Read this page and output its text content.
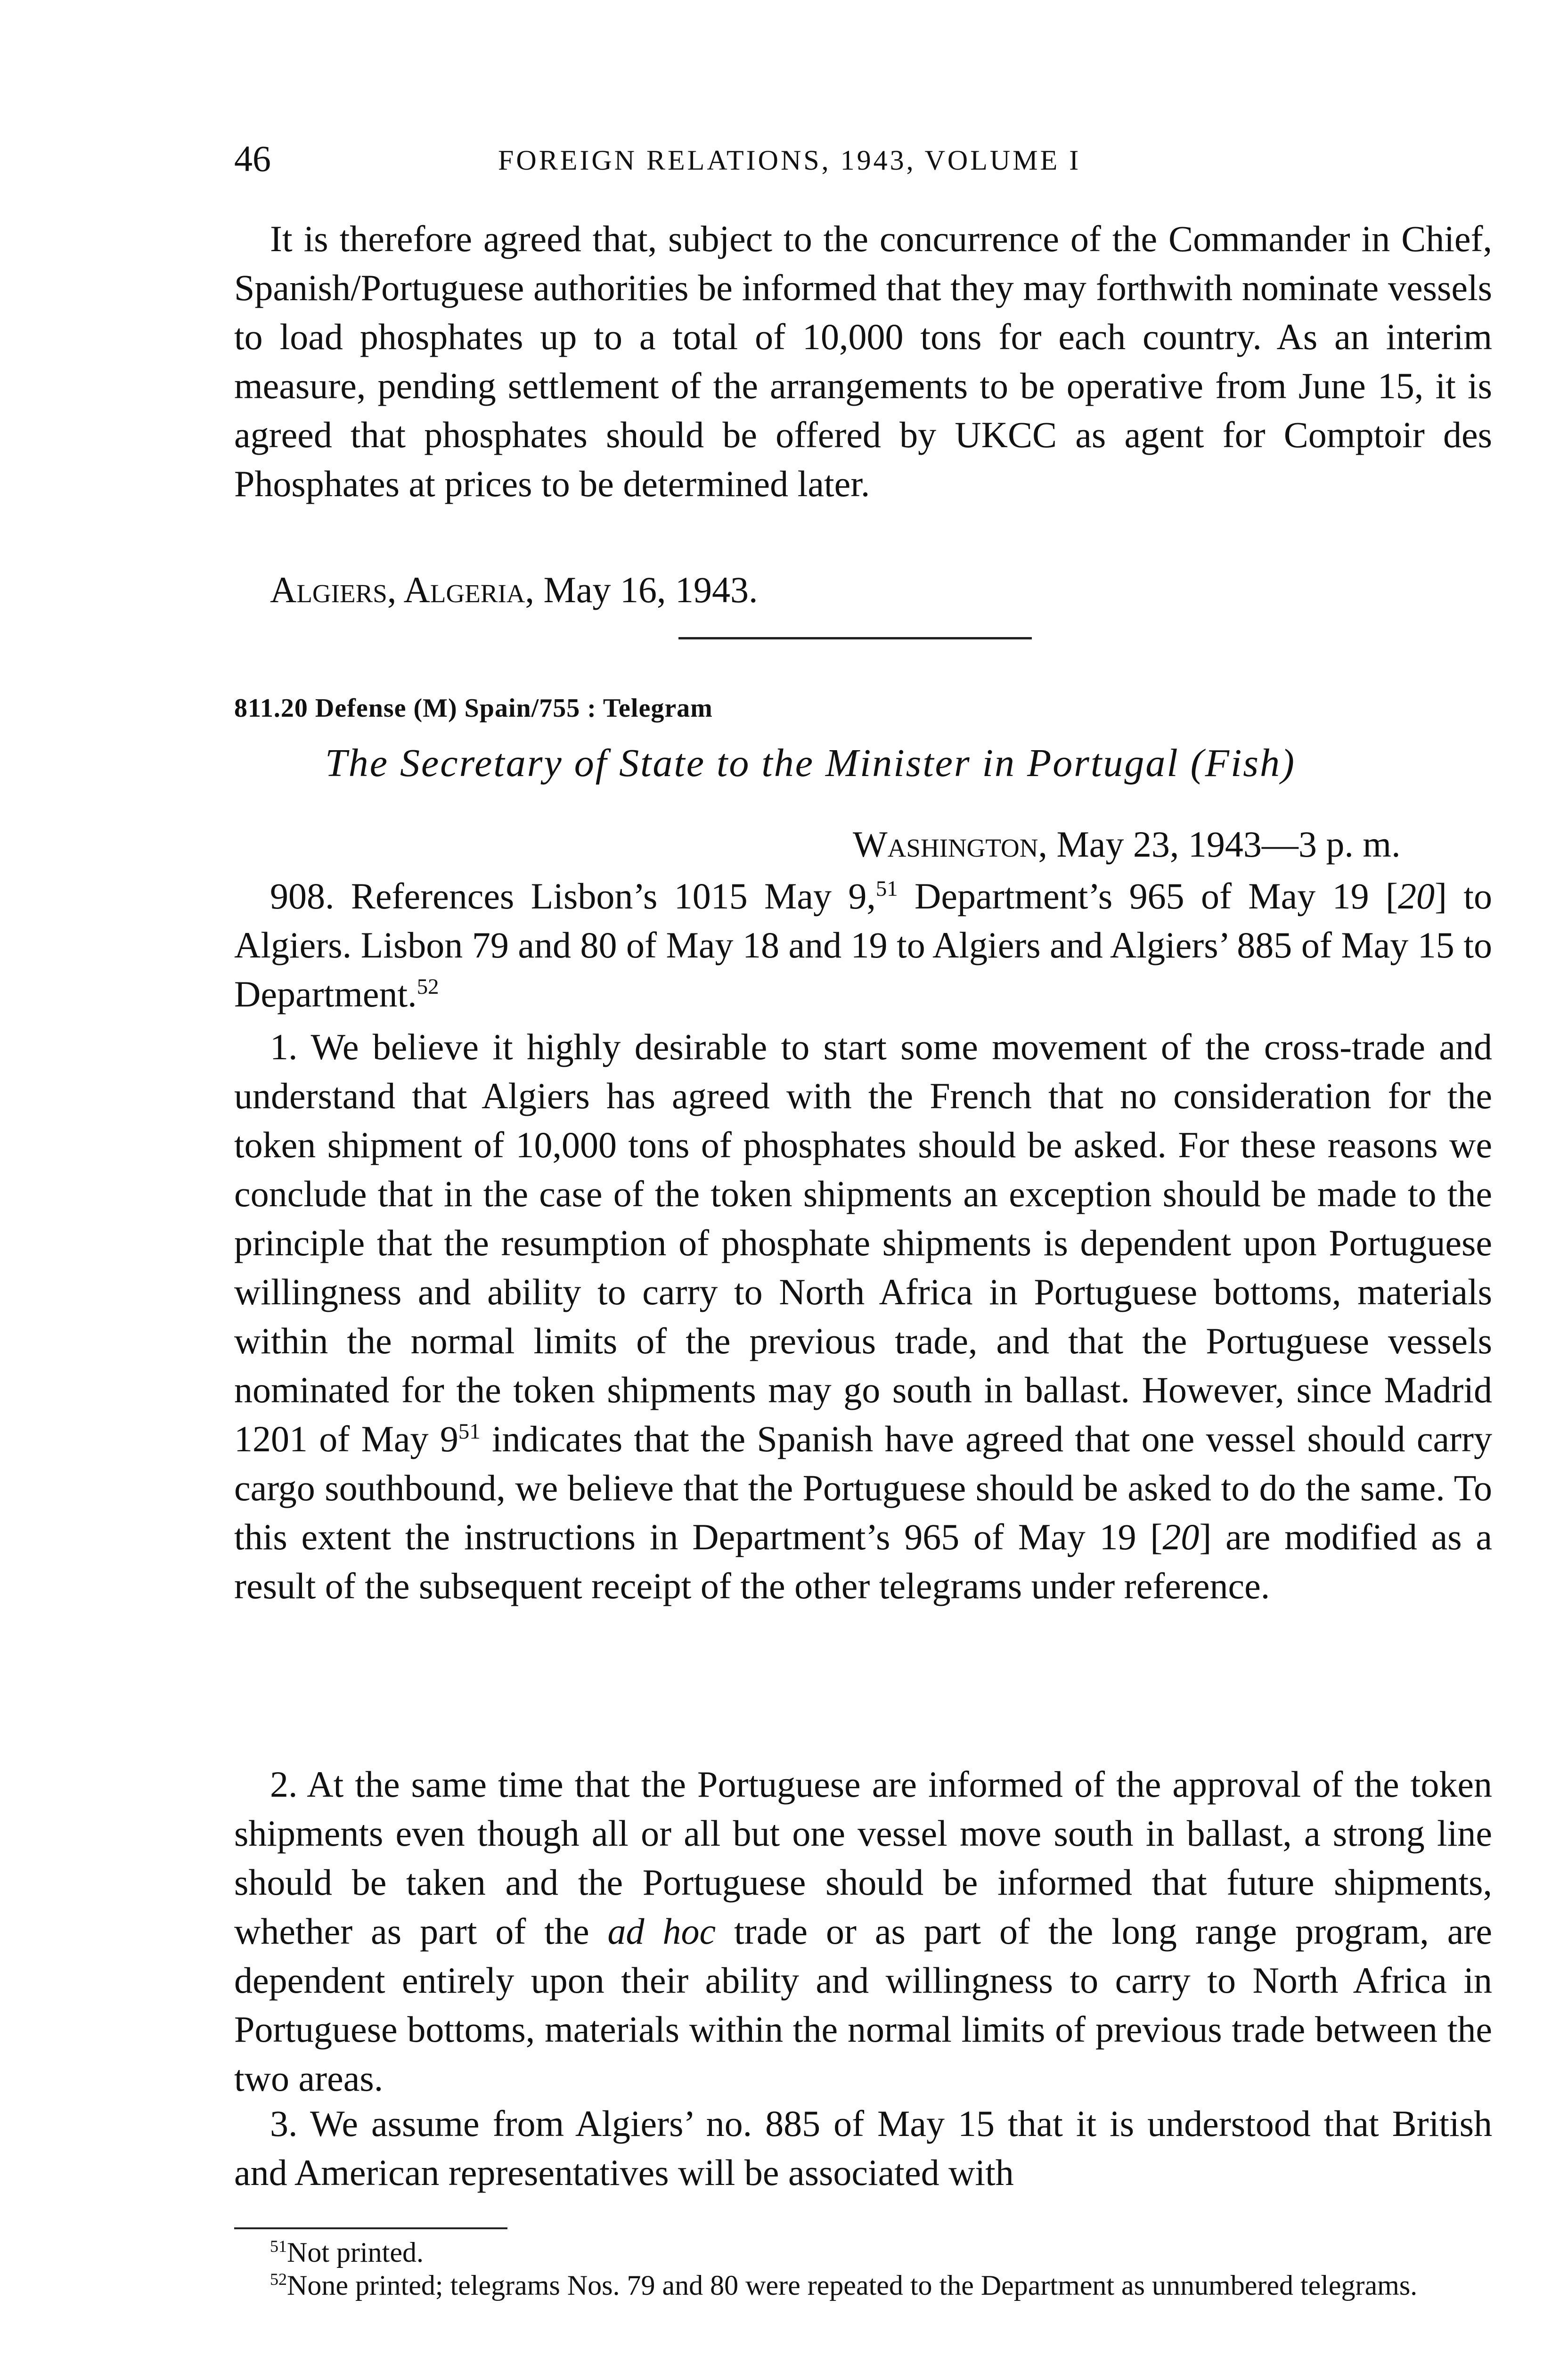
46	FOREIGN RELATIONS, 1943, VOLUME I

It is therefore agreed that, subject to the concurrence of the Commander in Chief, Spanish/Portuguese authorities be informed that they may forthwith nominate vessels to load phosphates up to a total of 10,000 tons for each country. As an interim measure, pending settlement of the arrangements to be operative from June 15, it is agreed that phosphates should be offered by UKCC as agent for Comptoir des Phosphates at prices to be determined later.

Algiers, Algeria, May 16, 1943.
811.20 Defense (M) Spain/755 : Telegram
The Secretary of State to the Minister in Portugal (Fish)
Washington, May 23, 1943—3 p. m.

908. References Lisbon’s 1015 May 9,51 Department’s 965 of May 19 [20] to Algiers. Lisbon 79 and 80 of May 18 and 19 to Algiers and Algiers’ 885 of May 15 to Department.$^{52}$

1. We believe it highly desirable to start some movement of the cross-trade and understand that Algiers has agreed with the French that no consideration for the token shipment of 10,000 tons of phosphates should be asked. For these reasons we conclude that in the case of the token shipments an exception should be made to the principle that the resumption of phosphate shipments is dependent upon Portuguese willingness and ability to carry to North Africa in Portuguese bottoms, materials within the normal limits of the previous trade, and that the Portuguese vessels nominated for the token shipments may go south in ballast. However, since Madrid 1201 of May $9^{51}$ indicates that the Spanish have agreed that one vessel should carry cargo southbound, we believe that the Portuguese should be asked to do the same. To this extent the instructions in Department’s 965 of May 19 [20] are modified as a result of the subsequent receipt of the other telegrams under reference.

2. At the same time that the Portuguese are informed of the approval of the token shipments even though all or all but one vessel move south in ballast, a strong line should be taken and the Portuguese should be informed that future shipments, whether as part of the ad hoc trade or as part of the long range program, are dependent entirely upon their ability and willingness to carry to North Africa in Portuguese bottoms, materials within the normal limits of previous trade between the two areas.

3. We assume from Algiers’ no. 885 of May 15 that it is understood that British and American representatives will be associated with

$^{51}$Not printed.

$^{52}$None printed; telegrams Nos. 79 and 80 were repeated to the Department as unnumbered telegrams.
